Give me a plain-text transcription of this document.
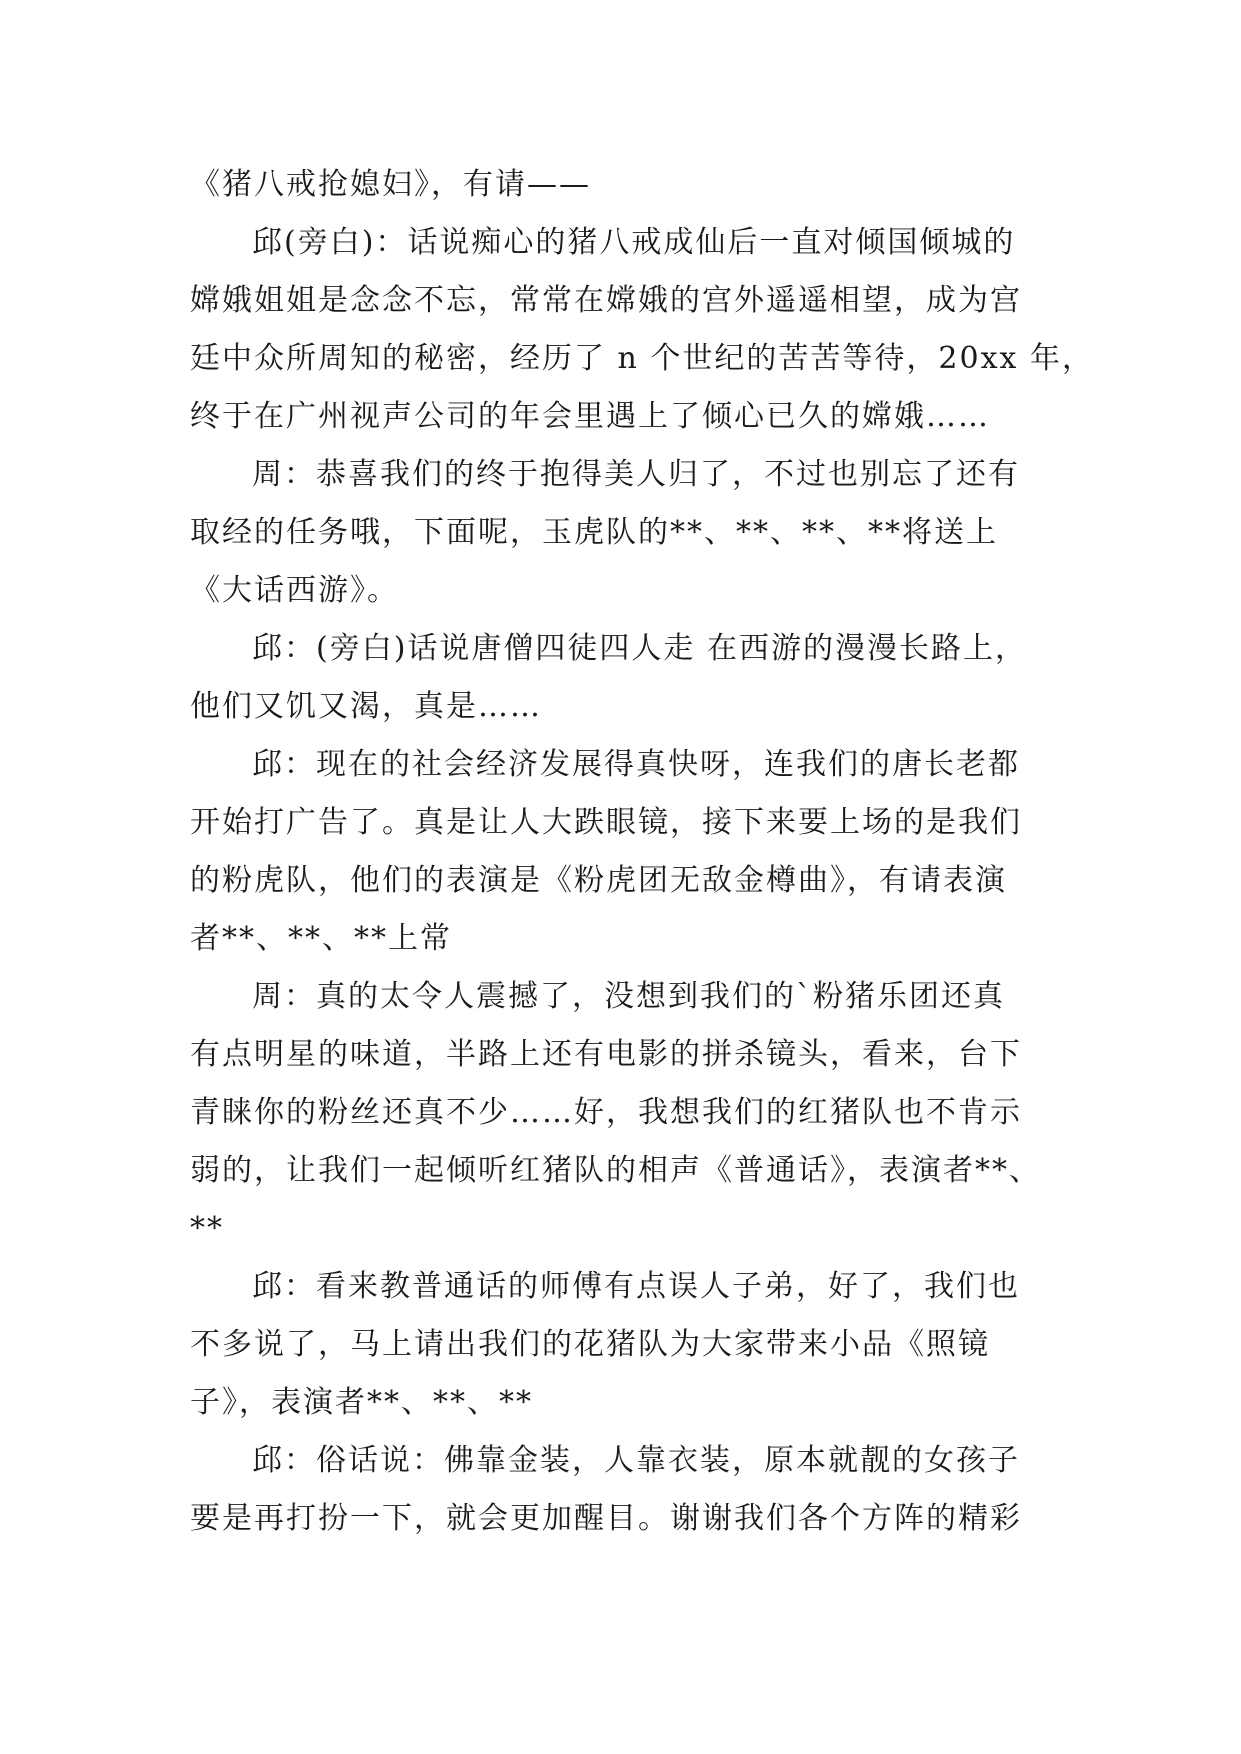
《猪八戒抢媳妇》，有请——
邱(旁白)：话说痴心的猪八戒成仙后一直对倾国倾城的
嫦娥姐姐是念念不忘，常常在嫦娥的宫外遥遥相望，成为宫
廷中众所周知的秘密，经历了 n 个世纪的苦苦等待，20xx 年，
终于在广州视声公司的年会里遇上了倾心已久的嫦娥……
周：恭喜我们的终于抱得美人归了，不过也别忘了还有
取经的任务哦，下面呢，玉虎队的**、**、**、**将送上
《大话西游》。
邱：(旁白)话说唐僧四徒四人走 在西游的漫漫长路上，
他们又饥又渴，真是……
邱：现在的社会经济发展得真快呀，连我们的唐长老都
开始打广告了。真是让人大跌眼镜，接下来要上场的是我们
的粉虎队，他们的表演是《粉虎团无敌金樽曲》，有请表演
者**、**、**上常
周：真的太令人震撼了，没想到我们的`粉猪乐团还真
有点明星的味道，半路上还有电影的拼杀镜头，看来，台下
青睐你的粉丝还真不少……好，我想我们的红猪队也不肯示
弱的，让我们一起倾听红猪队的相声《普通话》，表演者**、
**
邱：看来教普通话的师傅有点误人子弟，好了，我们也
不多说了，马上请出我们的花猪队为大家带来小品《照镜
子》，表演者**、**、**
邱：俗话说：佛靠金装，人靠衣装，原本就靓的女孩子
要是再打扮一下，就会更加醒目。谢谢我们各个方阵的精彩
